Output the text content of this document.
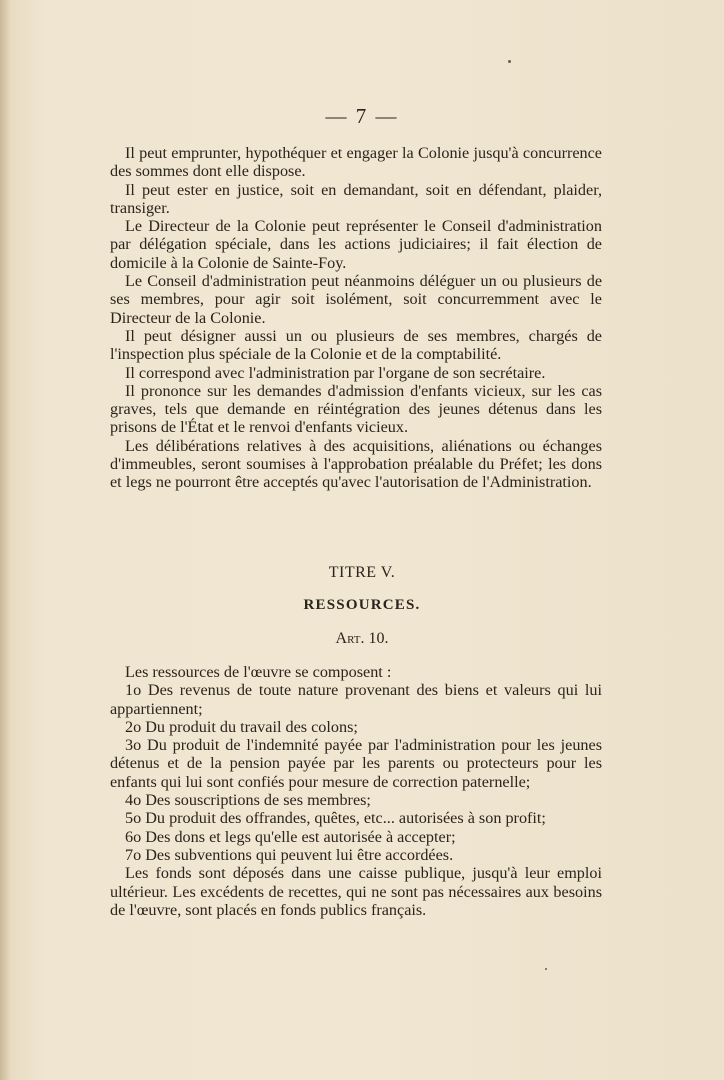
— 7 —

Il peut emprunter, hypothéquer et engager la Colonie jusqu'à concurrence des sommes dont elle dispose.

Il peut ester en justice, soit en demandant, soit en défendant, plaider, transiger.

Le Directeur de la Colonie peut représenter le Conseil d'administration par délégation spéciale, dans les actions judiciaires; il fait élection de domicile à la Colonie de Sainte-Foy.

Le Conseil d'administration peut néanmoins déléguer un ou plusieurs de ses membres, pour agir soit isolément, soit concurremment avec le Directeur de la Colonie.

Il peut désigner aussi un ou plusieurs de ses membres, chargés de l'inspection plus spéciale de la Colonie et de la comptabilité.

Il correspond avec l'administration par l'organe de son secrétaire.

Il prononce sur les demandes d'admission d'enfants vicieux, sur les cas graves, tels que demande en réintégration des jeunes détenus dans les prisons de l'État et le renvoi d'enfants vicieux.

Les délibérations relatives à des acquisitions, aliénations ou échanges d'immeubles, seront soumises à l'approbation préalable du Préfet; les dons et legs ne pourront être acceptés qu'avec l'autorisation de l'Administration.

TITRE V.
RESSOURCES.
Art. 10.

Les ressources de l'œuvre se composent :

1o Des revenus de toute nature provenant des biens et valeurs qui lui appartiennent;

2o Du produit du travail des colons;

3o Du produit de l'indemnité payée par l'administration pour les jeunes détenus et de la pension payée par les parents ou protecteurs pour les enfants qui lui sont confiés pour mesure de correction paternelle;

4o Des souscriptions de ses membres;

5o Du produit des offrandes, quêtes, etc... autorisées à son profit;

6o Des dons et legs qu'elle est autorisée à accepter;

7o Des subventions qui peuvent lui être accordées.

Les fonds sont déposés dans une caisse publique, jusqu'à leur emploi ultérieur. Les excédents de recettes, qui ne sont pas nécessaires aux besoins de l'œuvre, sont placés en fonds publics français.
